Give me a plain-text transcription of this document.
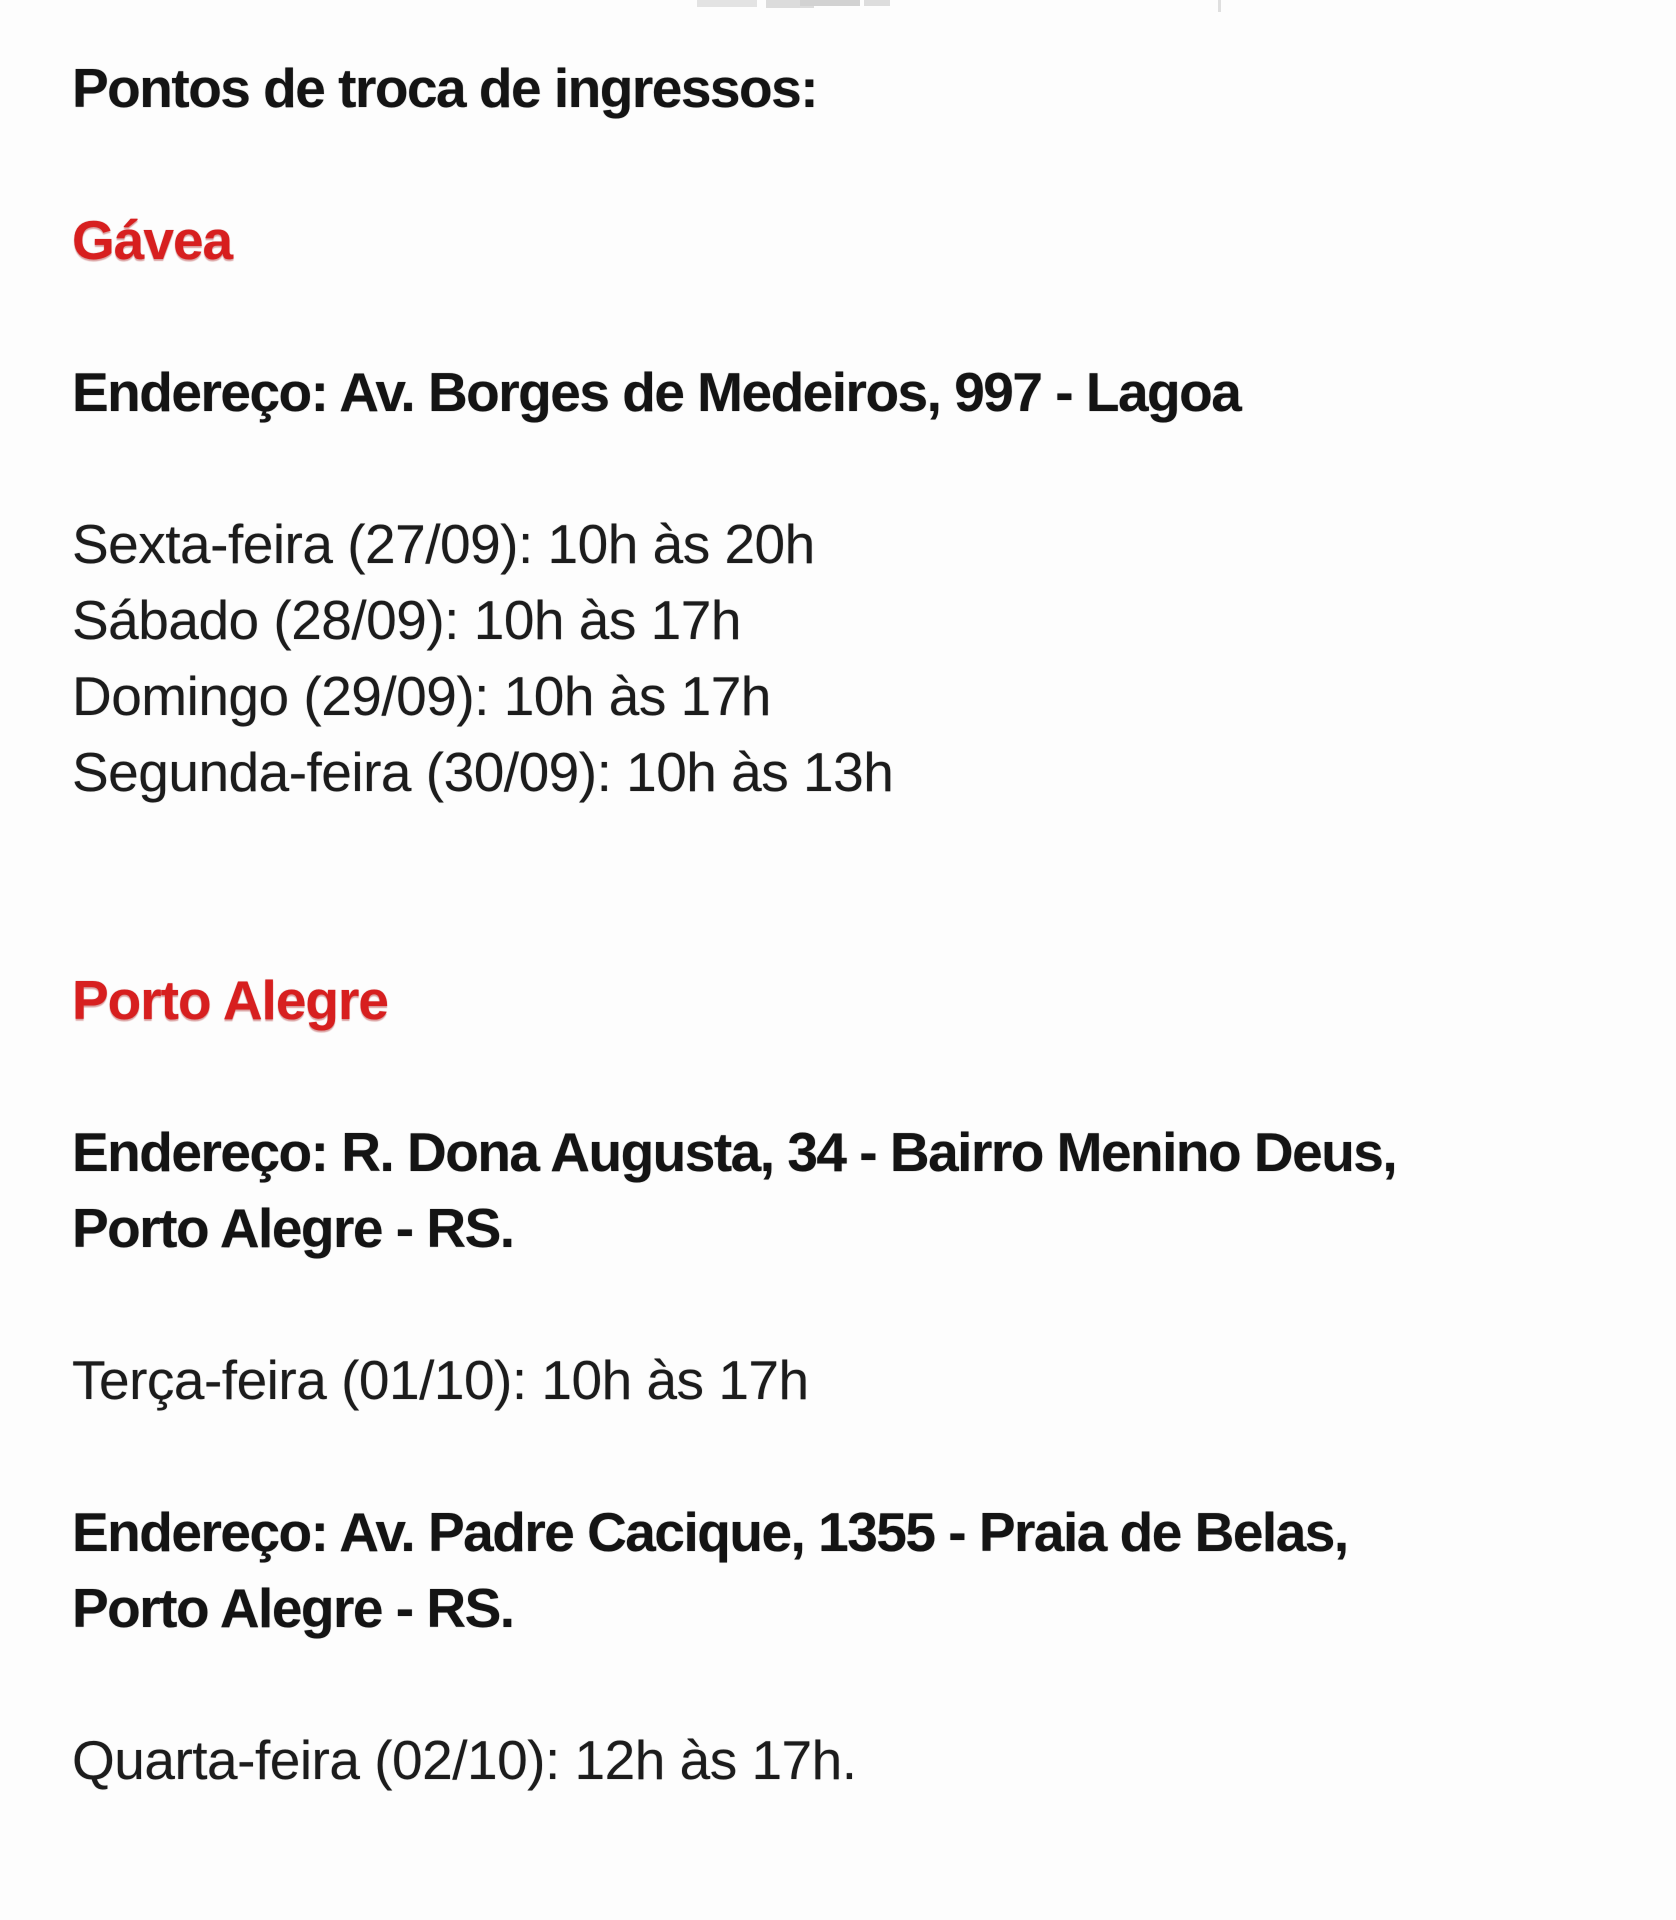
Pontos de troca de ingressos:
Gávea
Endereço: Av. Borges de Medeiros, 997 - Lagoa
Sexta-feira (27/09): 10h às 20h
Sábado (28/09): 10h às 17h
Domingo (29/09): 10h às 17h
Segunda-feira (30/09): 10h às 13h
Porto Alegre
Endereço: R. Dona Augusta, 34 - Bairro Menino Deus,
Porto Alegre - RS.
Terça-feira (01/10): 10h às 17h
Endereço: Av. Padre Cacique, 1355 - Praia de Belas,
Porto Alegre - RS.
Quarta-feira (02/10): 12h às 17h.
